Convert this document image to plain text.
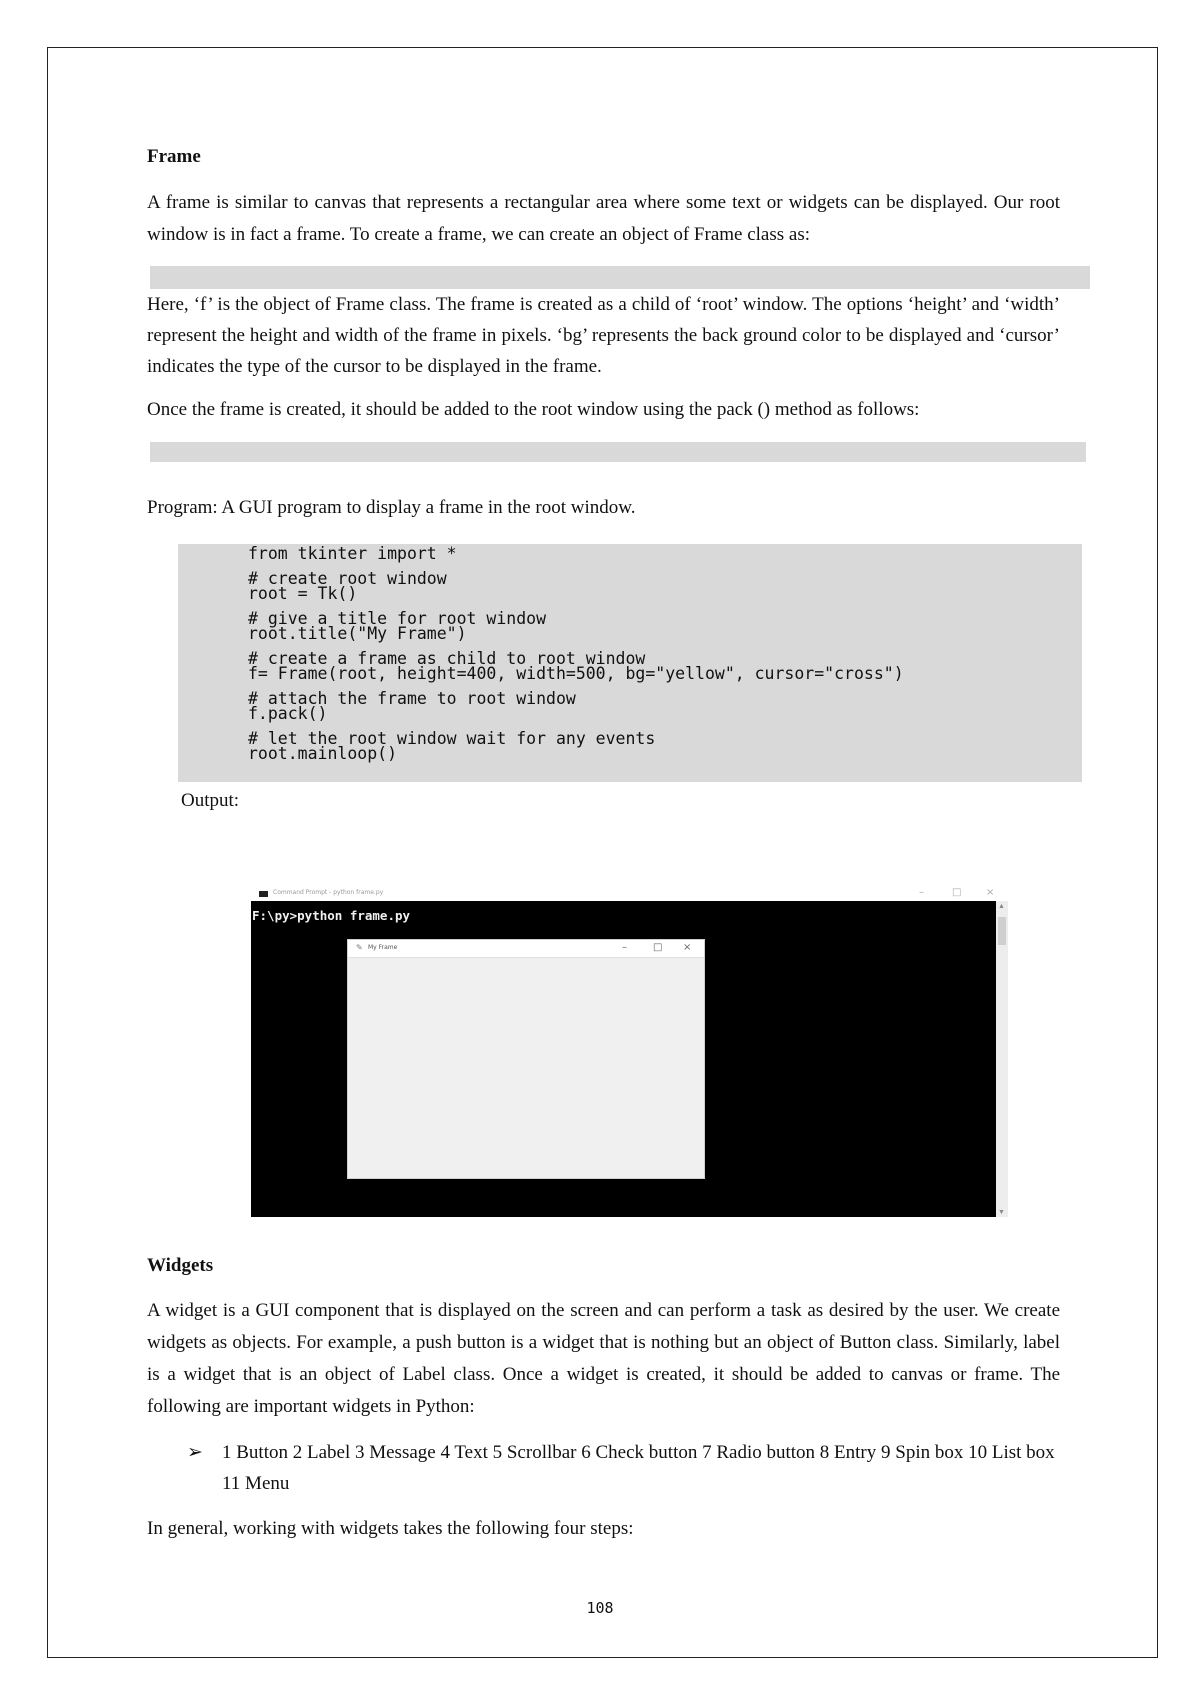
Frame

A frame is similar to canvas that represents a rectangular area where some text or widgets can be displayed. Our root window is in fact a frame. To create a frame, we can create an object of Frame class as:

Here, ‘f’ is the object of Frame class. The frame is created as a child of ‘root’ window. The options ‘height’ and ‘width’ represent the height and width of the frame in pixels. ‘bg’ represents the back ground color to be displayed and ‘cursor’ indicates the type of the cursor to be displayed in the frame.

Once the frame is created, it should be added to the root window using the pack () method as follows:

Program: A GUI program to display a frame in the root window.

from tkinter import *
# create root window
root = Tk()
# give a title for root window
root.title("My Frame")
# create a frame as child to root window
f= Frame(root, height=400, width=500, bg="yellow", cursor="cross")
# attach the frame to root window
f.pack()
# let the root window wait for any events
root.mainloop()
Output:
Command Prompt - python frame.py	–	□ ×
F:\py>python frame.py
▲
▼
✎ My Frame	–	□ ×
Widgets

A widget is a GUI component that is displayed on the screen and can perform a task as desired by the user. We create widgets as objects. For example, a push button is a widget that is nothing but an object of Button class. Similarly, label is a widget that is an object of Label class. Once a widget is created, it should be added to canvas or frame. The following are important widgets in Python:

➢	1 Button 2 Label 3 Message 4 Text 5 Scrollbar 6 Check button 7 Radio button 8 Entry 9 Spin box 10 List box 11 Menu

In general, working with widgets takes the following four steps:

108
